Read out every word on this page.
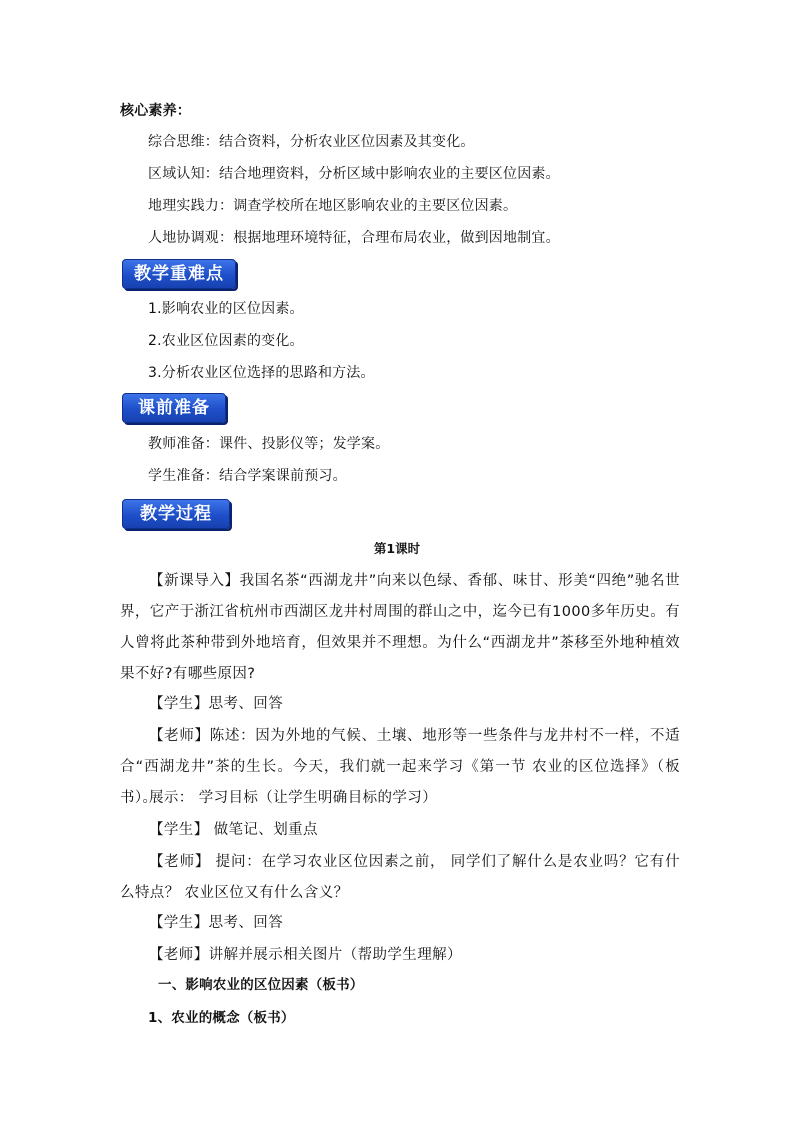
核心素养：
综合思维：结合资料，分析农业区位因素及其变化。
区域认知：结合地理资料，分析区域中影响农业的主要区位因素。
地理实践力：调查学校所在地区影响农业的主要区位因素。
人地协调观：根据地理环境特征，合理布局农业，做到因地制宜。
教学重难点
1.影响农业的区位因素。
2.农业区位因素的变化。
3.分析农业区位选择的思路和方法。
课前准备
教师准备：课件、投影仪等；发学案。
学生准备：结合学案课前预习。
教学过程
第1课时

【新课导入】我国名茶“西湖龙井”向来以色绿、香郁、味甘、形美“四绝”驰名世界，它产于浙江省杭州市西湖区龙井村周围的群山之中，迄今已有1000多年历史。有人曾将此茶种带到外地培育，但效果并不理想。为什么“西湖龙井”茶移至外地种植效果不好?有哪些原因?

【学生】思考、回答

【老师】陈述：因为外地的气候、土壤、地形等一些条件与龙井村不一样，不适合“西湖龙井”茶的生长。今天，我们就一起来学习《第一节 农业的区位选择》（板书）。

展示： 学习目标（让学生明确目标的学习）

【学生】 做笔记、划重点

【老师】 提问：在学习农业区位因素之前， 同学们了解什么是农业吗？它有什么特点？ 农业区位又有什么含义？

【学生】思考、回答

【老师】讲解并展示相关图片（帮助学生理解）

一、影响农业的区位因素（板书）
1、农业的概念（板书）
